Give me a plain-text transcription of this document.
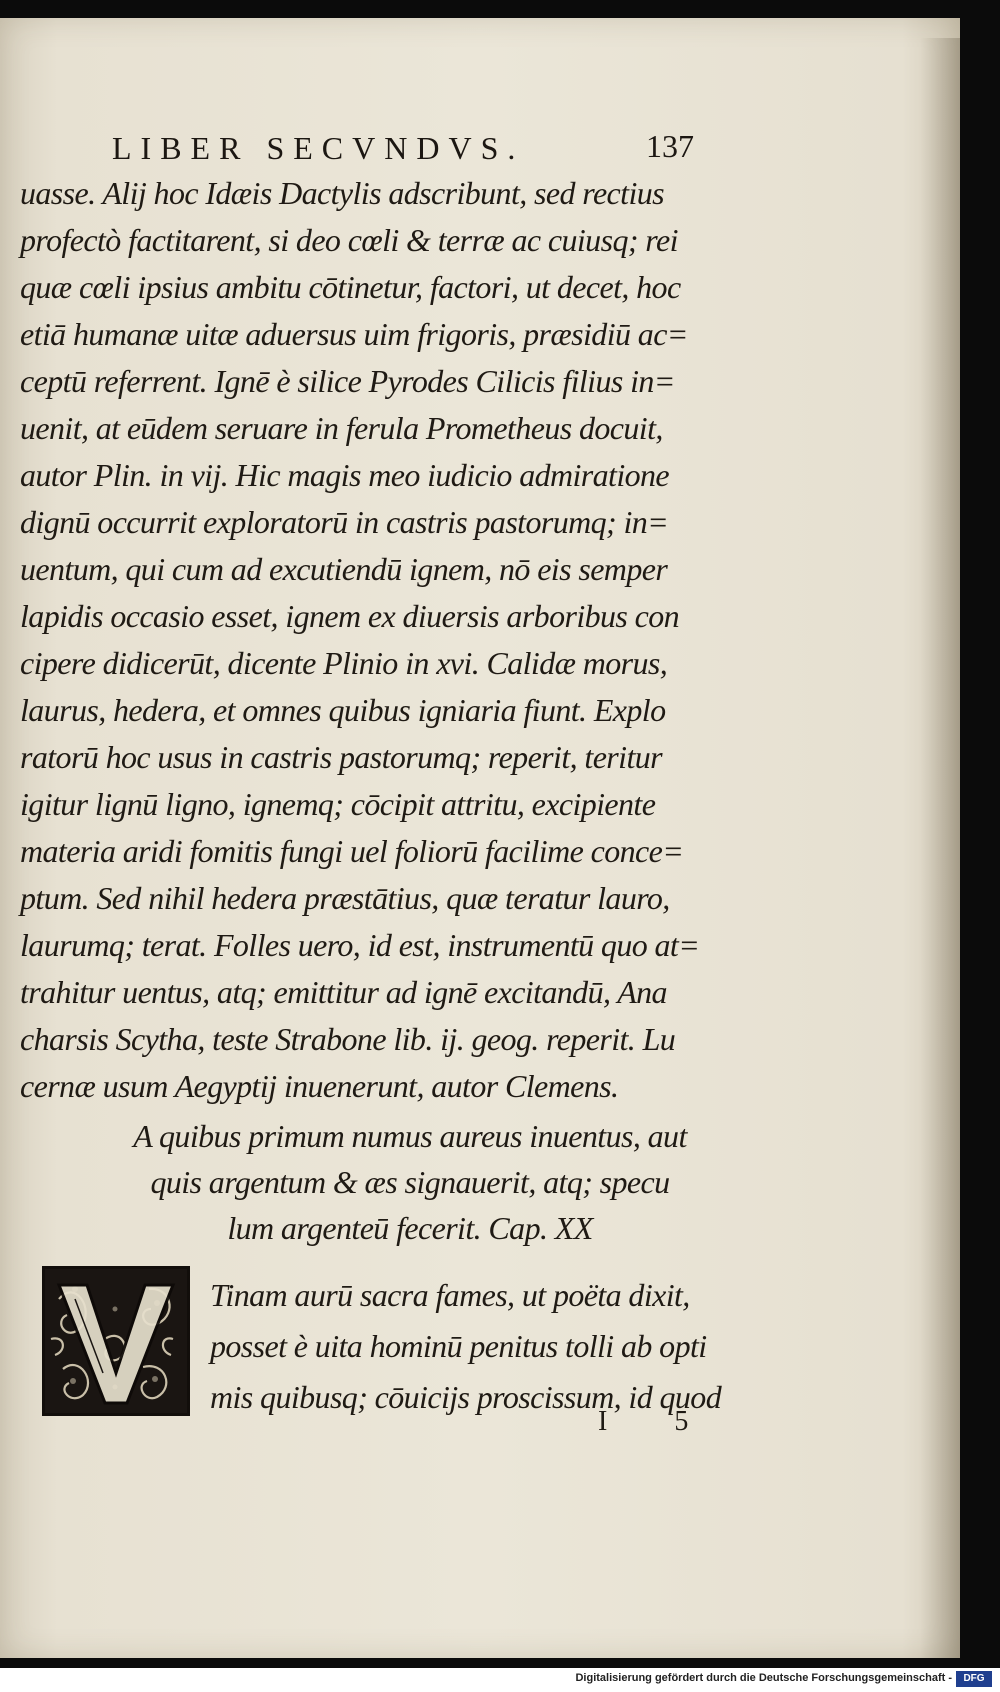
LIBER SECVNDVS.	137
uasse. Alij hoc Idæis Dactylis adscribunt, sed rectius
profectò factitarent, si deo cœli & terræ ac cuiusq; rei
quæ cœli ipsius ambitu cōtinetur, factori, ut decet, hoc
etiā humanæ uitæ aduersus uim frigoris, præsidiū ac=
ceptū referrent. Ignē è silice Pyrodes Cilicis filius in=
uenit, at eūdem seruare in ferula Prometheus docuit,
autor Plin. in vij. Hic magis meo iudicio admiratione
dignū occurrit exploratorū in castris pastorumq; in=
uentum, qui cum ad excutiendū ignem, nō eis semper
lapidis occasio esset, ignem ex diuersis arboribus con
cipere didicerūt, dicente Plinio in xvi. Calidæ morus,
laurus, hedera, et omnes quibus igniaria fiunt. Explo
ratorū hoc usus in castris pastorumq; reperit, teritur
igitur lignū ligno, ignemq; cōcipit attritu, excipiente
materia aridi fomitis fungi uel foliorū facilime conce=
ptum. Sed nihil hedera præstātius, quæ teratur lauro,
laurumq; terat. Folles uero, id est, instrumentū quo at=
trahitur uentus, atq; emittitur ad ignē excitandū, Ana
charsis Scytha, teste Strabone lib. ij. geog. reperit. Lu
cernæ usum Aegyptij inuenerunt, autor Clemens.
A quibus primum numus aureus inuentus, aut
quis argentum & æs signauerit, atq; specu
lum argenteū fecerit. Cap. XX
Tinam aurū sacra fames, ut poëta dixit,
posset è uita hominū penitus tolli ab opti
mis quibusq; cōuicijs proscissum, id quod
I 5
Digitalisierung gefördert durch die Deutsche Forschungsgemeinschaft -	DFG
